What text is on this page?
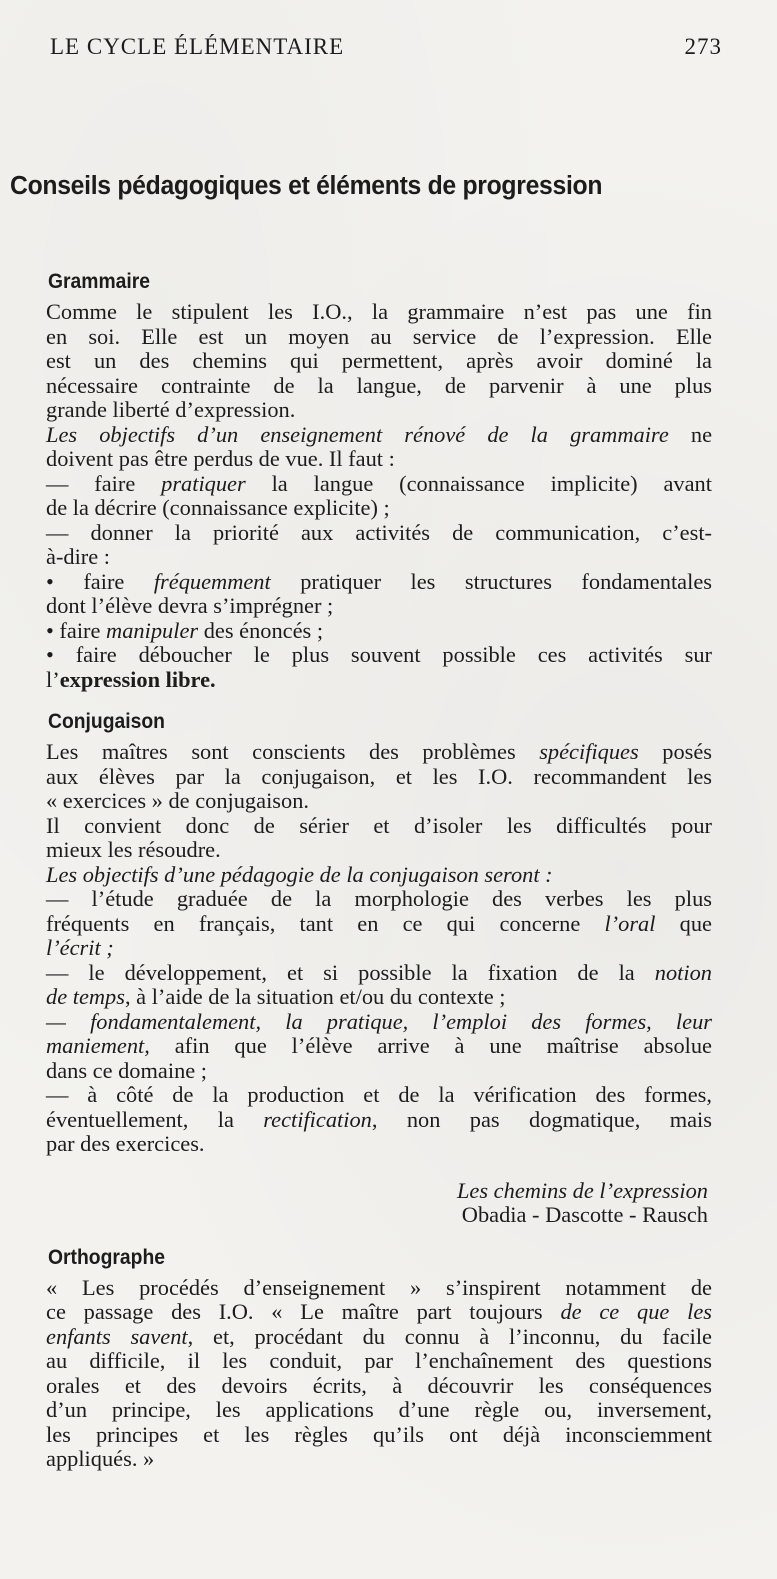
LE CYCLE ÉLÉMENTAIRE	273
Conseils pédagogiques et éléments de progression
Grammaire
Comme le stipulent les I.O., la grammaire n’est pas une fin
en soi. Elle est un moyen au service de l’expression. Elle
est un des chemins qui permettent, après avoir dominé la
nécessaire contrainte de la langue, de parvenir à une plus
grande liberté d’expression.
Les objectifs d’un enseignement rénové de la grammaire ne
doivent pas être perdus de vue. Il faut :
— faire pratiquer la langue (connaissance implicite) avant
de la décrire (connaissance explicite) ;
— donner la priorité aux activités de communication, c’est-
à-dire :
• faire fréquemment pratiquer les structures fondamentales
dont l’élève devra s’imprégner ;
• faire manipuler des énoncés ;
• faire déboucher le plus souvent possible ces activités sur
l’expression libre.
Conjugaison
Les maîtres sont conscients des problèmes spécifiques posés
aux élèves par la conjugaison, et les I.O. recommandent les
« exercices » de conjugaison.
Il convient donc de sérier et d’isoler les difficultés pour
mieux les résoudre.
Les objectifs d’une pédagogie de la conjugaison seront :
— l’étude graduée de la morphologie des verbes les plus
fréquents en français, tant en ce qui concerne l’oral que
l’écrit ;
— le développement, et si possible la fixation de la notion
de temps, à l’aide de la situation et/ou du contexte ;
— fondamentalement, la pratique, l’emploi des formes, leur
maniement, afin que l’élève arrive à une maîtrise absolue
dans ce domaine ;
— à côté de la production et de la vérification des formes,
éventuellement, la rectification, non pas dogmatique, mais
par des exercices.
Les chemins de l’expression
Obadia - Dascotte - Rausch
Orthographe
« Les procédés d’enseignement » s’inspirent notamment de
ce passage des I.O. « Le maître part toujours de ce que les
enfants savent, et, procédant du connu à l’inconnu, du facile
au difficile, il les conduit, par l’enchaînement des questions
orales et des devoirs écrits, à découvrir les conséquences
d’un principe, les applications d’une règle ou, inversement,
les principes et les règles qu’ils ont déjà inconsciemment
appliqués. »
